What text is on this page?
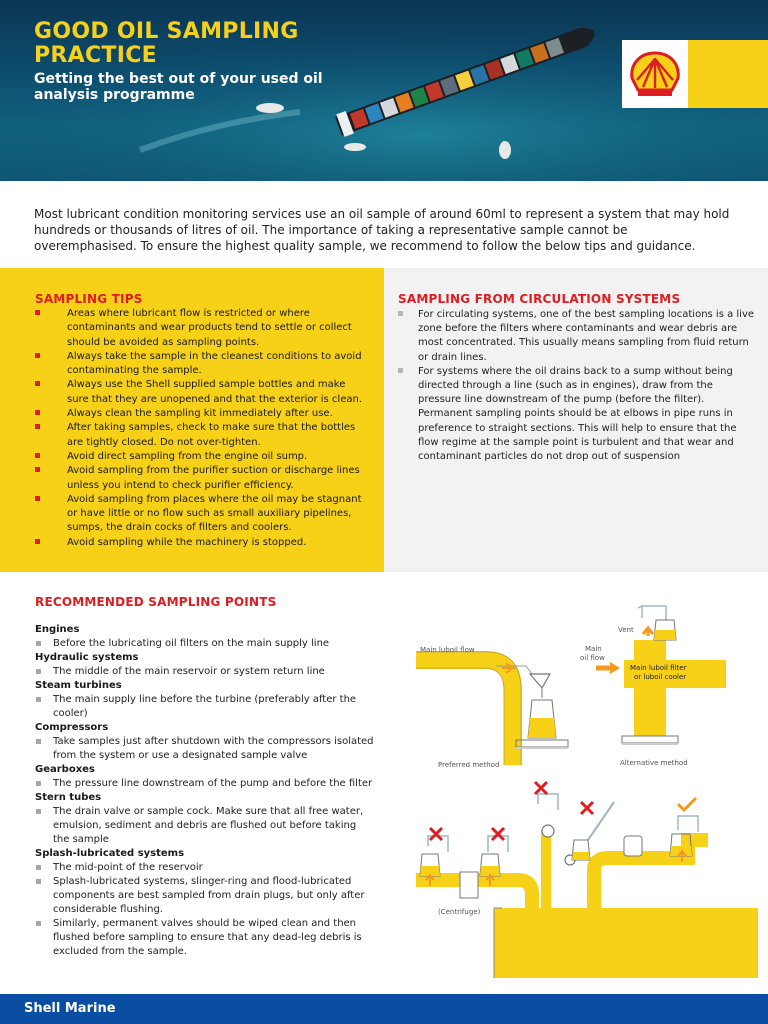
GOOD OIL SAMPLING PRACTICE
Getting the best out of your used oil analysis programme
Most lubricant condition monitoring services use an oil sample of around 60ml to represent a system that may hold hundreds or thousands of litres of oil. The importance of taking a representative sample cannot be overemphasised. To ensure the highest quality sample, we recommend to follow the below tips and guidance.
SAMPLING TIPS
Areas where lubricant flow is restricted or where contaminants and wear products tend to settle or collect should be avoided as sampling points.
Always take the sample in the cleanest conditions to avoid contaminating the sample.
Always use the Shell supplied sample bottles and make sure that they are unopened and that the exterior is clean.
Always clean the sampling kit immediately after use.
After taking samples, check to make sure that the bottles are tightly closed. Do not over-tighten.
Avoid direct sampling from the engine oil sump.
Avoid sampling from the purifier suction or discharge lines unless you intend to check purifier efficiency.
Avoid sampling from places where the oil may be stagnant or have little or no flow such as small auxiliary pipelines, sumps, the drain cocks of filters and coolers.
Avoid sampling while the machinery is stopped.
SAMPLING FROM CIRCULATION SYSTEMS
For circulating systems, one of the best sampling locations is a live zone before the filters where contaminants and wear debris are most concentrated. This usually means sampling from fluid return or drain lines.
For systems where the oil drains back to a sump without being directed through a line (such as in engines), draw from the pressure line downstream of the pump (before the filter). Permanent sampling points should be at elbows in pipe runs in preference to straight sections. This will help to ensure that the flow regime at the sample point is turbulent and that wear and contaminant particles do not drop out of suspension
RECOMMENDED SAMPLING POINTS
Engines
Before the lubricating oil filters on the main supply line
Hydraulic systems
The middle of the main reservoir or system return line
Steam turbines
The main supply line before the turbine (preferably after the cooler)
Compressors
Take samples just after shutdown with the compressors isolated from the system or use a designated sample valve
Gearboxes
The pressure line downstream of the pump and before the filter
Stern tubes
The drain valve or sample cock. Make sure that all free water, emulsion, sediment and debris are flushed out before taking the sample
Splash-lubricated systems
The mid-point of the reservoir
Splash-lubricated systems, slinger-ring and flood-lubricated components are best sampled from drain plugs, but only after considerable flushing.
Similarly, permanent valves should be wiped clean and then flushed before sampling to ensure that any dead-leg debris is excluded from the sample.
Main luboil flow
Preferred method
Vent
Main
oil flow
Main luboil filter
or luboil cooler
Alternative method
(Centrifuge)
Shell Marine
